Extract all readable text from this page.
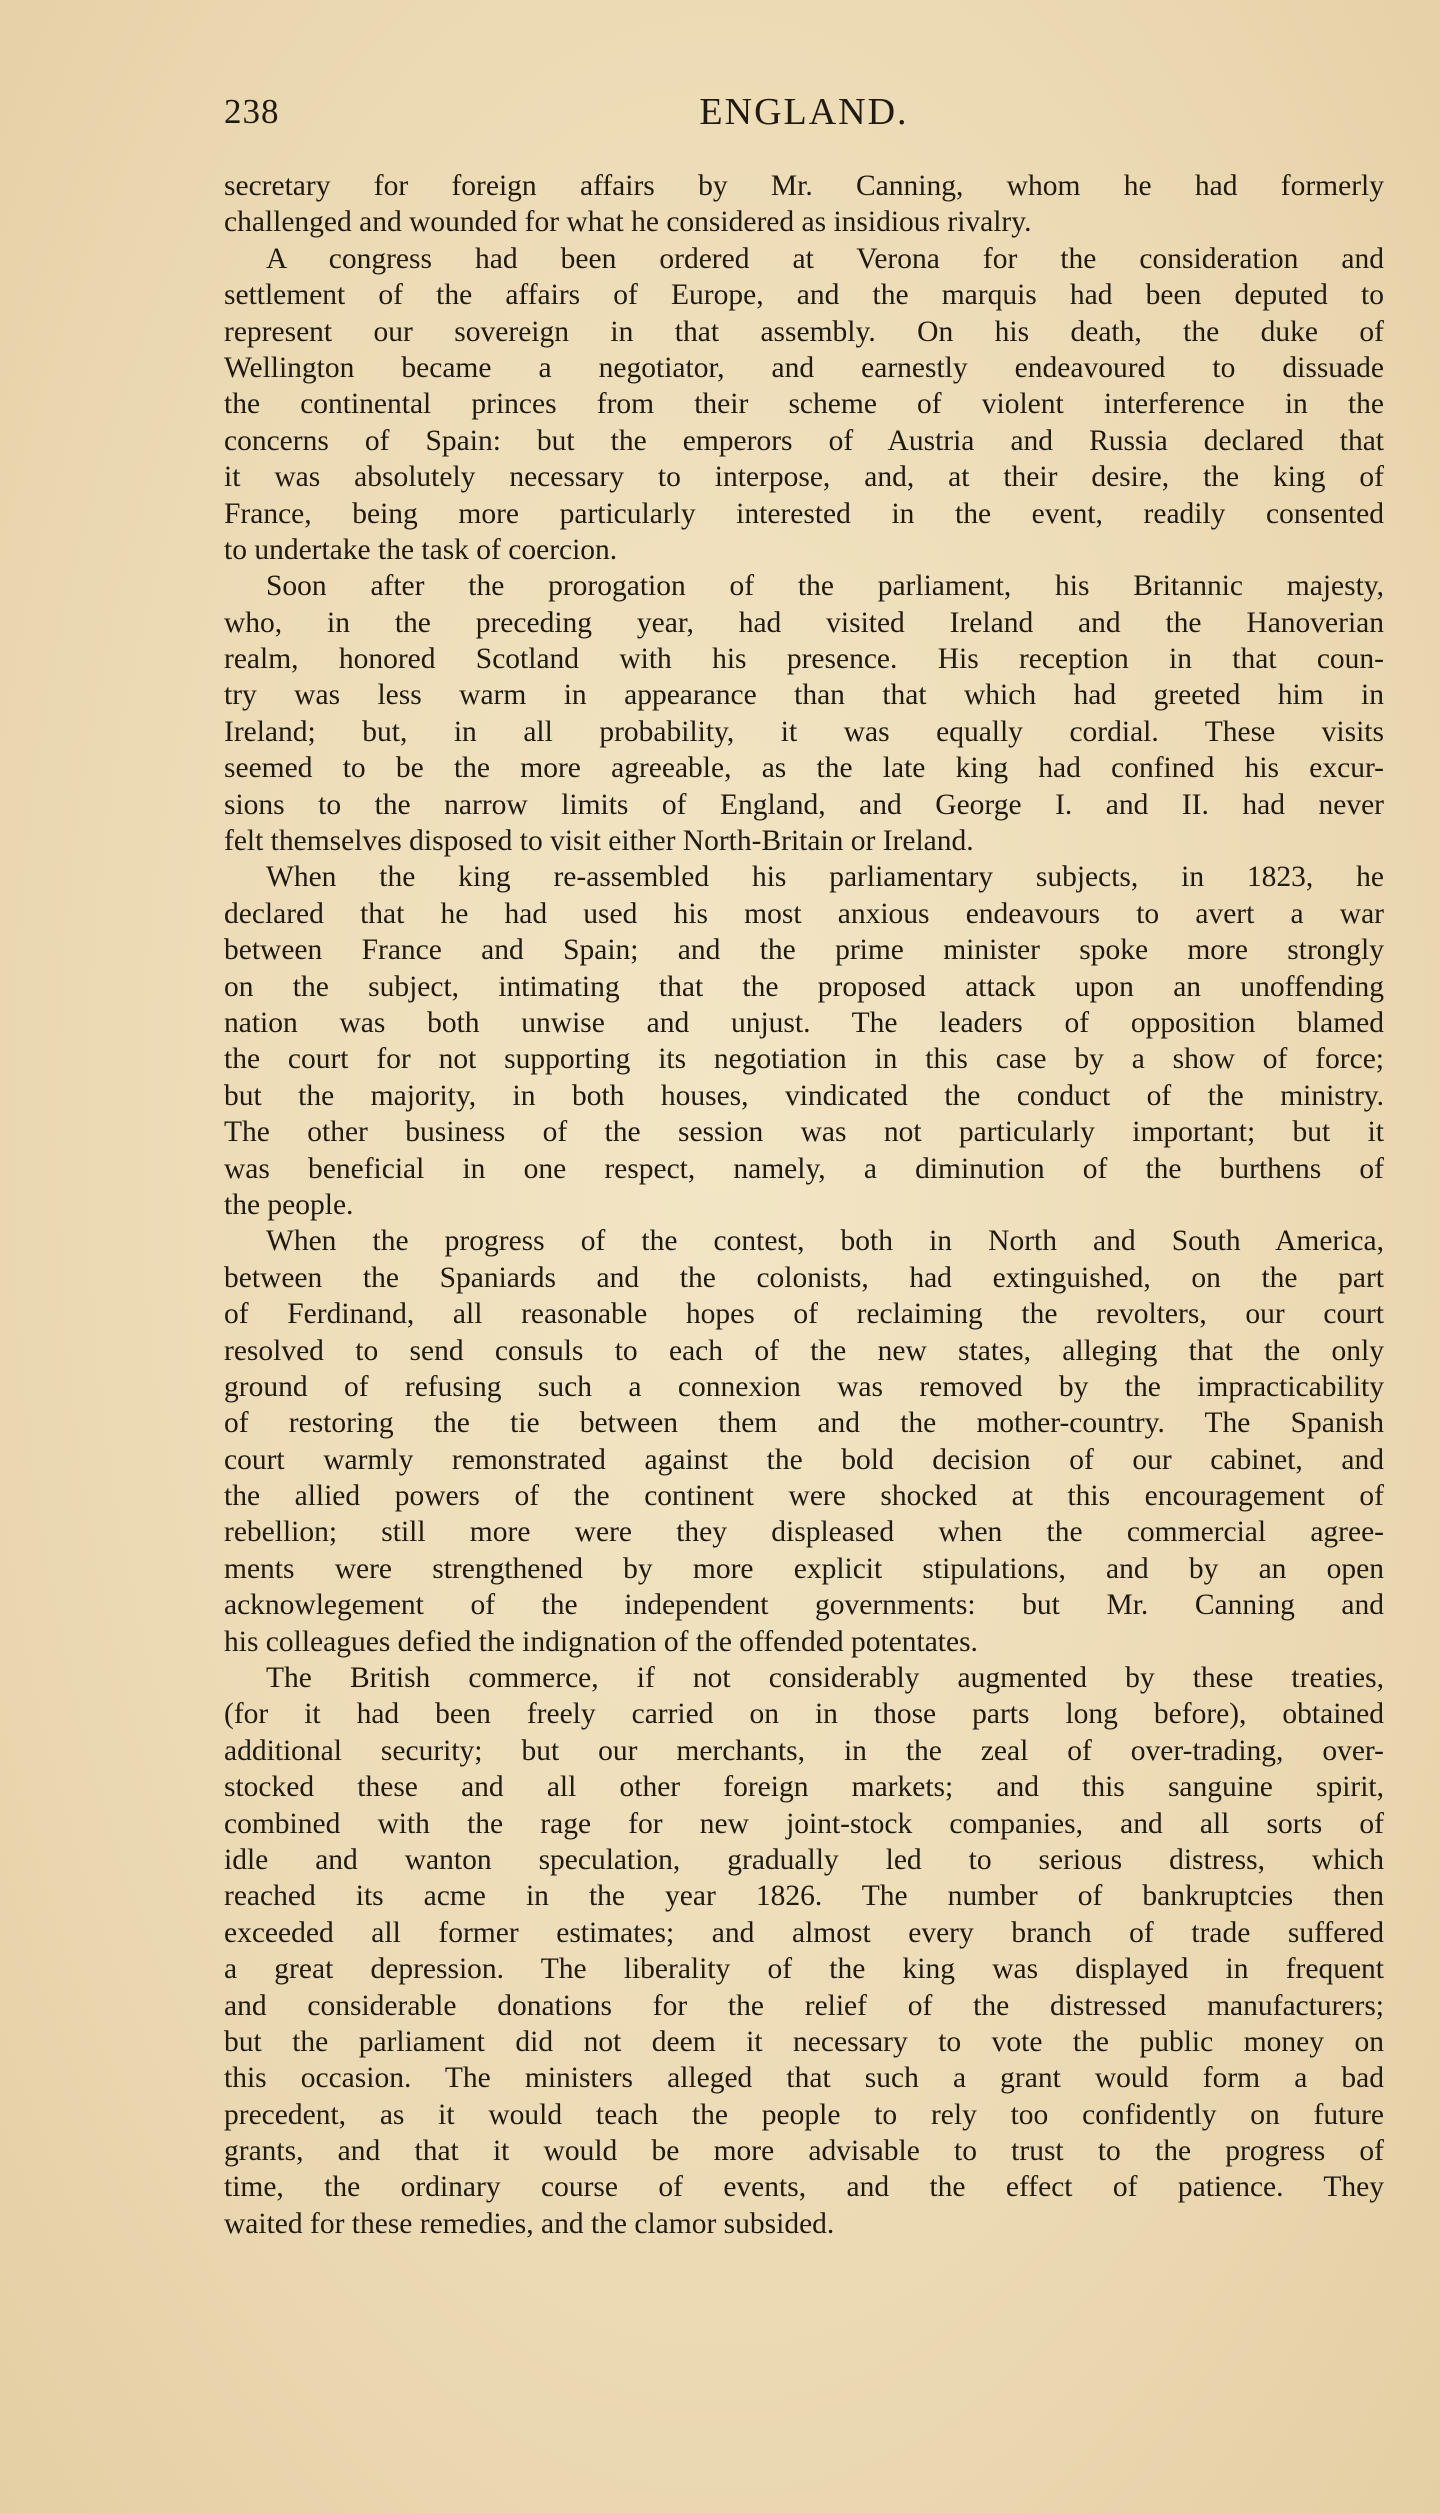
238	ENGLAND.
secretary for foreign affairs by Mr. Canning, whom he had formerly
challenged and wounded for what he considered as insidious rivalry.
A congress had been ordered at Verona for the consideration and
settlement of the affairs of Europe, and the marquis had been deputed to
represent our sovereign in that assembly. On his death, the duke of
Wellington became a negotiator, and earnestly endeavoured to dissuade
the continental princes from their scheme of violent interference in the
concerns of Spain: but the emperors of Austria and Russia declared that
it was absolutely necessary to interpose, and, at their desire, the king of
France, being more particularly interested in the event, readily consented
to undertake the task of coercion.
Soon after the prorogation of the parliament, his Britannic majesty,
who, in the preceding year, had visited Ireland and the Hanoverian
realm, honored Scotland with his presence. His reception in that coun-
try was less warm in appearance than that which had greeted him in
Ireland; but, in all probability, it was equally cordial. These visits
seemed to be the more agreeable, as the late king had confined his excur-
sions to the narrow limits of England, and George I. and II. had never
felt themselves disposed to visit either North-Britain or Ireland.
When the king re-assembled his parliamentary subjects, in 1823, he
declared that he had used his most anxious endeavours to avert a war
between France and Spain; and the prime minister spoke more strongly
on the subject, intimating that the proposed attack upon an unoffending
nation was both unwise and unjust. The leaders of opposition blamed
the court for not supporting its negotiation in this case by a show of force;
but the majority, in both houses, vindicated the conduct of the ministry.
The other business of the session was not particularly important; but it
was beneficial in one respect, namely, a diminution of the burthens of
the people.
When the progress of the contest, both in North and South America,
between the Spaniards and the colonists, had extinguished, on the part
of Ferdinand, all reasonable hopes of reclaiming the revolters, our court
resolved to send consuls to each of the new states, alleging that the only
ground of refusing such a connexion was removed by the impracticability
of restoring the tie between them and the mother-country. The Spanish
court warmly remonstrated against the bold decision of our cabinet, and
the allied powers of the continent were shocked at this encouragement of
rebellion; still more were they displeased when the commercial agree-
ments were strengthened by more explicit stipulations, and by an open
acknowlegement of the independent governments: but Mr. Canning and
his colleagues defied the indignation of the offended potentates.
The British commerce, if not considerably augmented by these treaties,
(for it had been freely carried on in those parts long before), obtained
additional security; but our merchants, in the zeal of over-trading, over-
stocked these and all other foreign markets; and this sanguine spirit,
combined with the rage for new joint-stock companies, and all sorts of
idle and wanton speculation, gradually led to serious distress, which
reached its acme in the year 1826. The number of bankruptcies then
exceeded all former estimates; and almost every branch of trade suffered
a great depression. The liberality of the king was displayed in frequent
and considerable donations for the relief of the distressed manufacturers;
but the parliament did not deem it necessary to vote the public money on
this occasion. The ministers alleged that such a grant would form a bad
precedent, as it would teach the people to rely too confidently on future
grants, and that it would be more advisable to trust to the progress of
time, the ordinary course of events, and the effect of patience. They
waited for these remedies, and the clamor subsided.
